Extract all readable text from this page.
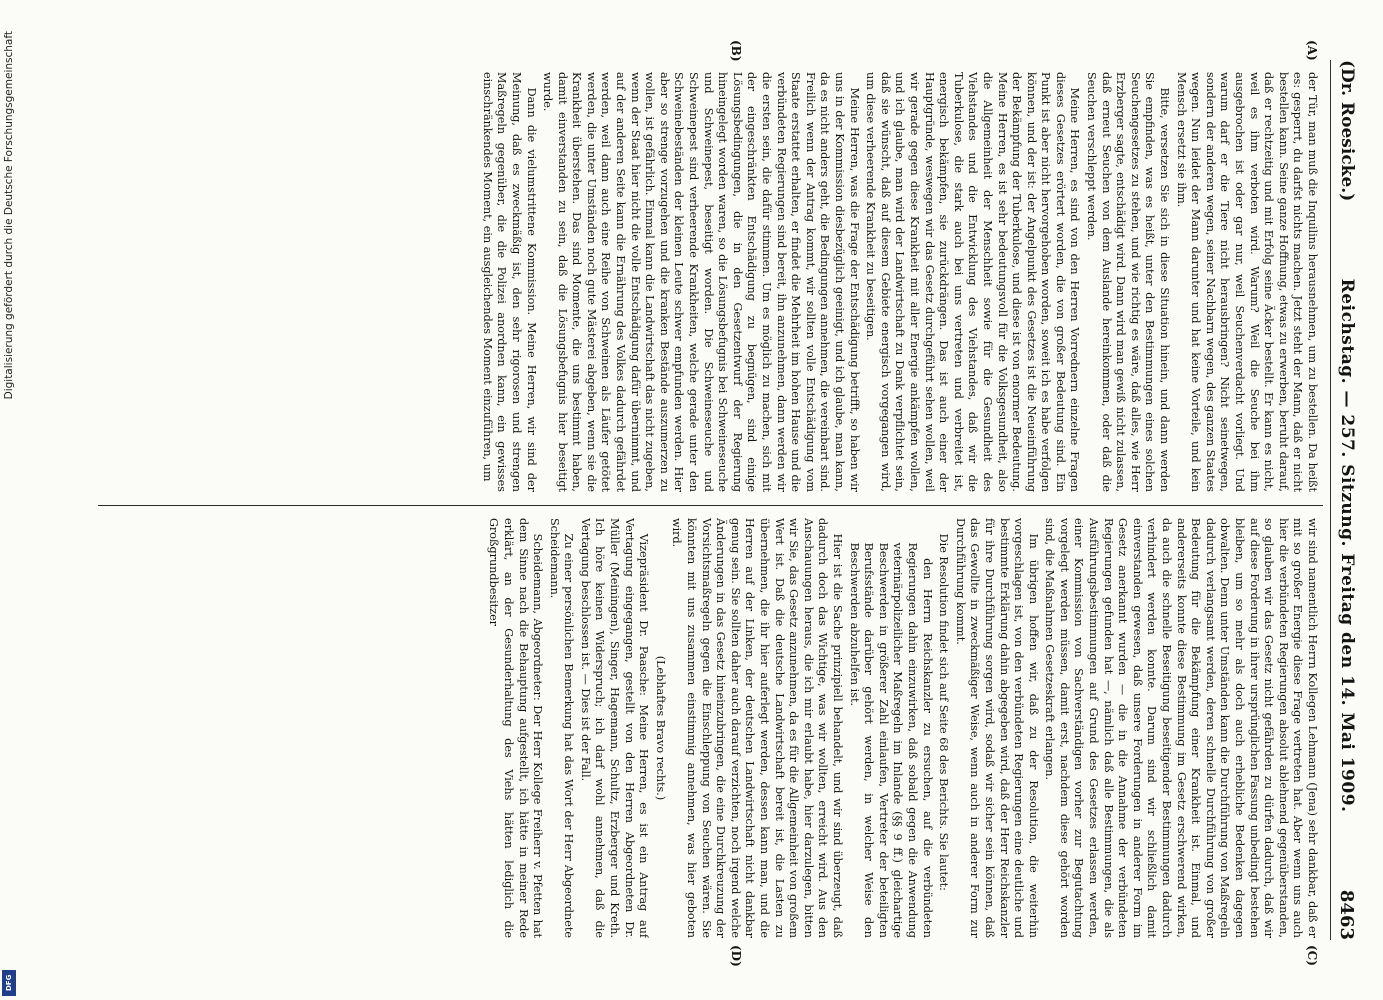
(Dr. Roesicke.)
Reichstag. — 257. Sitzung. Freitag den 14. Mai 1909.
8463
(A)
(B)
(C)
(D)

der Tür, man muß die Inquilins herausnehmen, um zu bestellen. Da heißt es: gesperrt, du darfst nichts machen. Jetzt steht der Mann, daß er nicht bestellen kann. Seine ganze Hoffnung, etwas zu erwerben, beruht darauf, daß er rechtzeitig und mit Erfolg seine Äcker bestellt. Er kann es nicht, weil es ihm verboten wird. Warum? Weil die Seuche bei ihm ausgebrochen ist oder gar nur, weil Seuchenverdacht vorliegt. Und warum darf er die Tiere nicht herausbringen? Nicht seinetwegen, sondern der anderen wegen, seiner Nachbarn wegen, des ganzen Staates wegen. Nun leidet der Mann darunter und hat keine Vorteile, und kein Mensch ersetzt sie ihm.

Bitte, versetzen Sie sich in diese Situation hinein, und dann werden Sie empfinden, was es heißt, unter den Bestimmungen eines solchen Seuchengesetzes zu stehen, und wie richtig es wäre, daß alles, wie Herr Erzberger sagte, entschädigt wird. Dann wird man gewiß nicht zulassen, daß erneut Seuchen von dem Auslande hereinkommen, oder daß die Seuchen verschleppt werden.

Meine Herren, es sind von den Herren Vorrednern einzelne Fragen dieses Gesetzes erörtert worden, die von großer Bedeutung sind. Ein Punkt ist aber nicht hervorgehoben worden, soweit ich es habe verfolgen können, und der ist: der Angelpunkt des Gesetzes ist die Neueinführung der Bekämpfung der Tuberkulose, und diese ist von enormer Bedeutung. Meine Herren, es ist sehr bedeutungsvoll für die Volksgesundheit, also die Allgemeinheit der Menschheit sowie für die Gesundheit des Viehstandes und die Entwicklung des Viehstandes, daß wir die Tuberkulose, die stark auch bei uns vertreten und verbreitet ist, energisch bekämpfen, sie zurückdrängen. Das ist auch einer der Hauptgründe, weswegen wir das Gesetz durchgeführt sehen wollen, weil wir gerade gegen diese Krankheit mit aller Energie ankämpfen wollen, und ich glaube, man wird der Landwirtschaft zu Dank verpflichtet sein, daß sie wünscht, daß auf diesem Gebiete energisch vorgegangen wird, um diese verheerende Krankheit zu beseitigen.

Meine Herren, was die Frage der Entschädigung betrifft, so haben wir uns in der Kommission diesbezüglich geeinigt, und ich glaube, man kann, da es nicht anders geht, die Bedingungen annehmen, die vereinbart sind. Freilich wenn der Antrag kommt, wir sollten volle Entschädigung vom Staate erstattet erhalten, er findet die Mehrheit im hohen Hause und die verbündeten Regierungen sind bereit, ihn anzunehmen, dann werden wir die ersten sein, die dafür stimmen. Um es möglich zu machen, sich mit der eingeschränkten Entschädigung zu begnügen, sind einige Lösungsbedingungen, die in den Gesetzentwurf der Regierung hineingelegt worden waren, so die Lösungsbefugnis bei Schweineseuche und Schweinepest, beseitigt worden. Die Schweineseuche und Schweinepest sind verheerende Krankheiten, welche gerade unter den Schweinebeständen der kleinen Leute schwer empfunden werden. Hier aber so strenge vorzugehen und die kranken Bestände auszumerzen zu wollen, ist gefährlich. Einmal kann die Landwirtschaft das nicht zugeben, wenn der Staat hier nicht die volle Entschädigung dafür übernimmt, und auf der anderen Seite kann die Ernährung des Volkes dadurch gefährdet werden, weil dann auch eine Reihe von Schweinen als Läufer getötet werden, die unter Umständen noch gute Mästerei abgeben, wenn sie die Krankheit überstehen. Das sind Momente, die uns bestimmt haben, damit einverstanden zu sein, daß die Lösungsbefugnis hier beseitigt wurde.

Dann die vielumstrittene Kommission. Meine Herren, wir sind der Meinung, daß es zweckmäßig ist, den sehr rigorosen und strengen Maßregeln gegenüber, die die Polizei anordnen kann, ein gewisses einschränkendes Moment, ein ausgleichendes Moment einzuführen, um

wir sind namentlich Herrn Kollegen Lehmann (Jena) sehr dankbar, daß er mit so großer Energie diese Frage vertreten hat. Aber wenn uns auch hier die verbündeten Regierungen absolut ablehnend gegenüberstanden, so glauben wir das Gesetz nicht gefährden zu dürfen dadurch, daß wir auf diese Forderung in ihrer ursprünglichen Fassung unbedingt bestehen bleiben, um so mehr als doch auch erhebliche Bedenken dagegen obwalten. Denn unter Umständen kann die Durchführung von Maßregeln dadurch verlangsamt werden, deren schnelle Durchführung von großer Bedeutung für die Bekämpfung einer Krankheit ist. Einmal, und andererseits konnte diese Bestimmung im Gesetz erschwerend wirken, da auch die schnelle Beseitigung beseitigender Bestimmungen dadurch verhindert werden konnte. Darum sind wir schließlich damit einverstanden gewesen, daß unsere Forderungen in anderer Form im Gesetz anerkannt wurden — die in die Annahme der verbündeten Regierungen gefunden hat —, nämlich daß alle Bestimmungen, die als Ausführungsbestimmungen auf Grund des Gesetzes erlassen werden, einer Kommission von Sachverständigen vorher zur Begutachtung vorgelegt werden müssen, damit erst, nachdem diese gehört worden sind, die Maßnahmen Gesetzeskraft erlangen.

Im übrigen hoffen wir, daß zu der Resolution, die weiterhin vorgeschlagen ist, von den verbündeten Regierungen eine deutliche und bestimmte Erklärung dahin abgegeben wird, daß der Herr Reichskanzler für ihre Durchführung sorgen wird, sodaß wir sicher sein können, daß das Gewollte in zweckmäßiger Weise, wenn auch in anderer Form zur Durchführung kommt.

Die Resolution findet sich auf Seite 68 des Berichts. Sie lautet:

den Herrn Reichskanzler zu ersuchen, auf die verbündeten Regierungen dahin einzuwirken, daß sobald gegen die Anwendung veterinärpolizeilicher Maßregeln im Inlande (§§ 9 ff.) gleichartige Beschwerden in größerer Zahl einlaufen, Vertreter der beteiligten Berufsstände darüber gehört werden, in welcher Weise den Beschwerden abzuhelfen ist.

Hier ist die Sache prinzipiell behandelt, und wir sind überzeugt, daß dadurch doch das Wichtige, was wir wollten, erreicht wird. Aus den Anschauungen heraus, die ich mir erlaubt habe, hier darzulegen, bitten wir Sie, das Gesetz anzunehmen, da es für die Allgemeinheit von großem Wert ist. Daß die deutsche Landwirtschaft bereit ist, die Lasten zu übernehmen, die ihr hier auferlegt werden, dessen kann man, und die Herren auf der Linken, der deutschen Landwirtschaft nicht dankbar genug sein. Sie sollten daher auch darauf verzichten, noch irgend welche Änderungen in das Gesetz hineinzubringen, die eine Durchkreuzung der Vorsichtsmaßregeln gegen die Einschleppung von Seuchen wären. Sie könnten mit uns zusammen einstimmig annehmen, was hier geboten wird.

(Lebhaftes Bravo rechts.)

Vizepräsident Dr. Paasche: Meine Herren, es ist ein Antrag auf Vertagung eingegangen, gestellt von den Herren Abgeordneten Dr. Müller (Meiningen), Singer, Hagemann, Schultz, Erzberger und Kreth. Ich höre keinen Widerspruch; ich darf wohl annehmen, daß die Vertagung beschlossen ist. — Dies ist der Fall.

Zu einer persönlichen Bemerkung hat das Wort der Herr Abgeordnete Scheidemann.

Scheidemann, Abgeordneter: Der Herr Kollege Freiherr v. Pfetten hat dem Sinne nach die Behauptung aufgestellt, ich hätte in meiner Rede erklärt, an der Gesunderhaltung des Viehs hätten lediglich die Großgrundbesitzer

Digitalisierung gefördert durch die Deutsche Forschungsgemeinschaft
DFG
